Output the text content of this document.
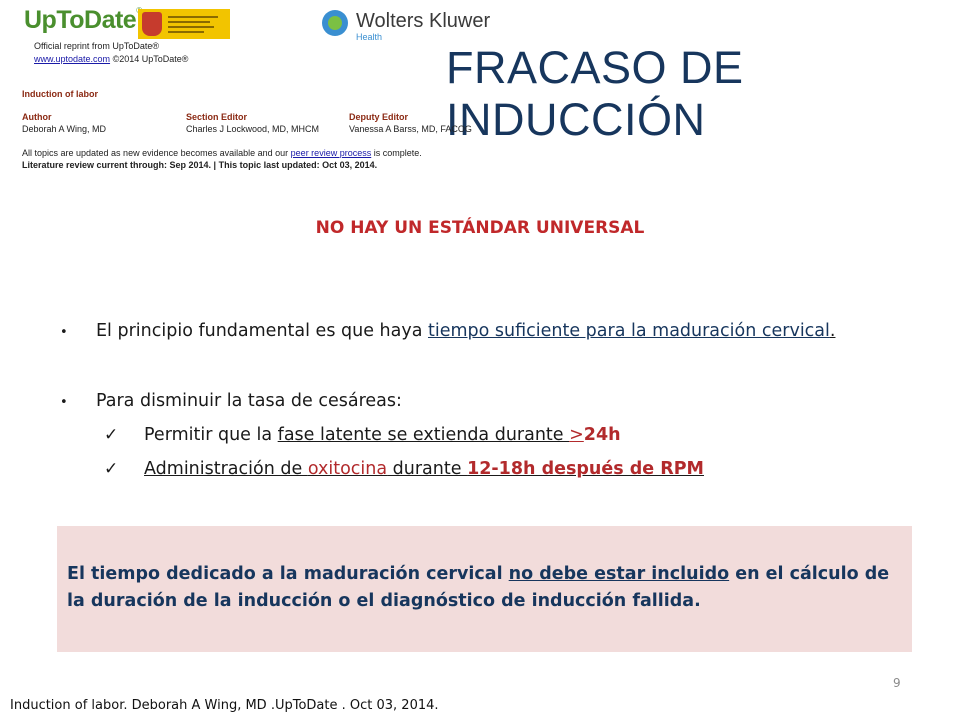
UpToDate	Wolters Kluwer
Health
Official reprint from UpToDate®
www.uptodate.com ©2014 UpToDate®	FRACASO DE INDUCCIÓN
Induction of labor
Author
Deborah A Wing, MD
Section Editor
Charles J Lockwood, MD, MHCM
Deputy Editor
Vanessa A Barss, MD, FACOG
All topics are updated as new evidence becomes available and our peer review process is complete.
Literature review current through: Sep 2014. | This topic last updated: Oct 03, 2014.
NO HAY UN ESTÁNDAR UNIVERSAL
•	El principio fundamental es que haya tiempo suficiente para la maduración cervical.
•	Para disminuir la tasa de cesáreas:
✓	Permitir que la fase latente se extienda durante >24h
✓	Administración de oxitocina durante 12-18h después de RPM
El tiempo dedicado a la maduración cervical no debe estar incluido en el cálculo de la duración de la inducción o el diagnóstico de inducción fallida.
9
Induction of labor. Deborah A Wing, MD .UpToDate . Oct 03, 2014.
